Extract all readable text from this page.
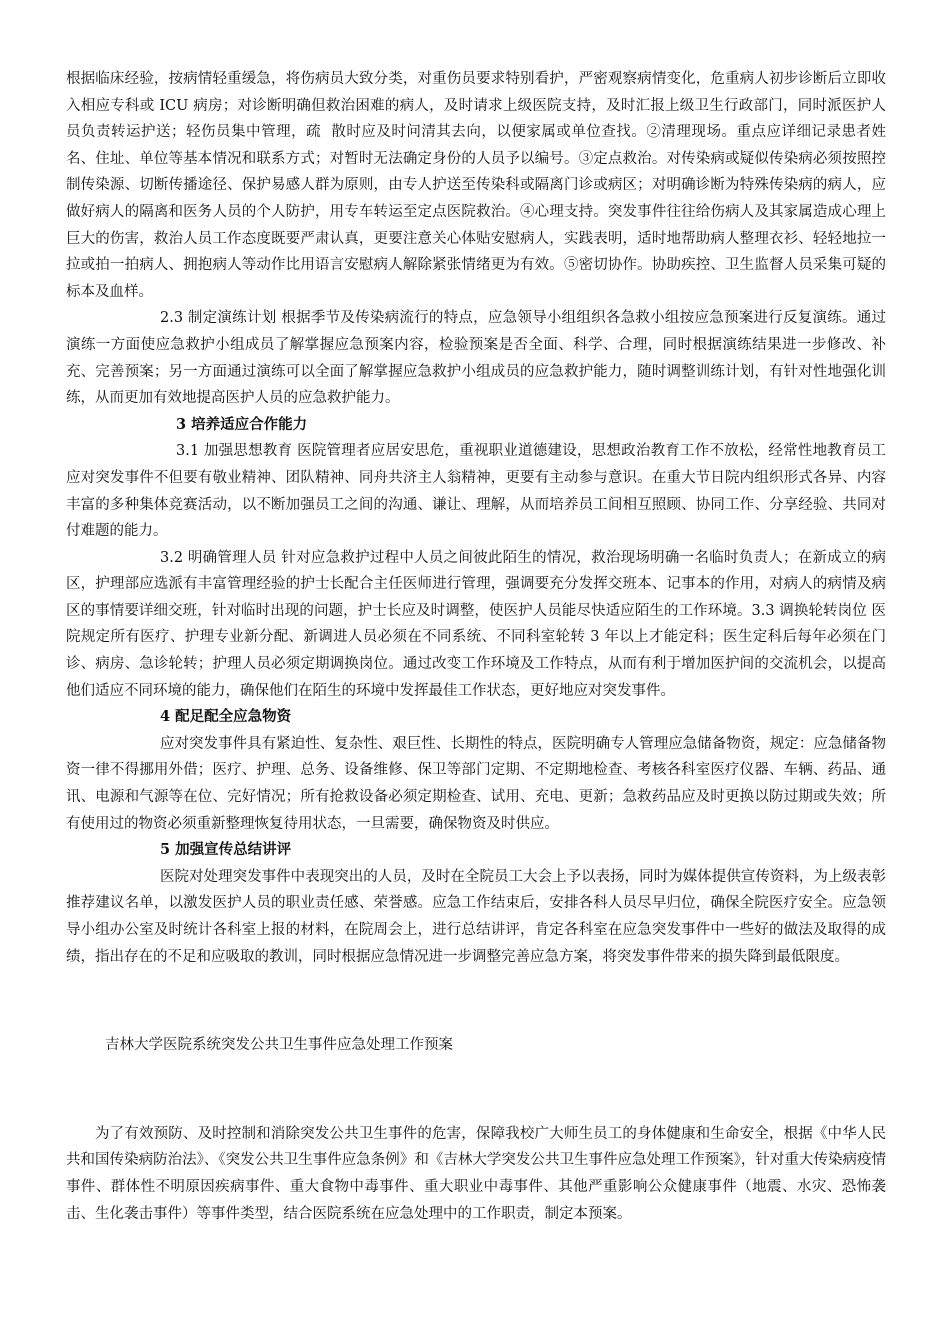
根据临床经验，按病情轻重缓急，将伤病员大致分类，对重伤员要求特别看护，严密观察病情变化，危重病人初步诊断后立即收入相应专科或 ICU 病房；对诊断明确但救治困难的病人，及时请求上级医院支持，及时汇报上级卫生行政部门，同时派医护人员负责转运护送；轻伤员集中管理，疏  散时应及时问清其去向，以便家属或单位查找。②清理现场。重点应详细记录患者姓名、住址、单位等基本情况和联系方式；对暂时无法确定身份的人员予以编号。③定点救治。对传染病或疑似传染病必须按照控制传染源、切断传播途径、保护易感人群为原则，由专人护送至传染科或隔离门诊或病区；对明确诊断为特殊传染病的病人，应做好病人的隔离和医务人员的个人防护，用专车转运至定点医院救治。④心理支持。突发事件往往给伤病人及其家属造成心理上巨大的伤害，救治人员工作态度既要严肃认真，更要注意关心体贴安慰病人，实践表明，适时地帮助病人整理衣衫、轻轻地拉一拉或拍一拍病人、拥抱病人等动作比用语言安慰病人解除紧张情绪更为有效。⑤密切协作。协助疾控、卫生监督人员采集可疑的标本及血样。

2.3 制定演练计划 根据季节及传染病流行的特点，应急领导小组组织各急救小组按应急预案进行反复演练。通过演练一方面使应急救护小组成员了解掌握应急预案内容，检验预案是否全面、科学、合理，同时根据演练结果进一步修改、补充、完善预案；另一方面通过演练可以全面了解掌握应急救护小组成员的应急救护能力，随时调整训练计划，有针对性地强化训练，从而更加有效地提高医护人员的应急救护能力。

3 培养适应合作能力

3.1 加强思想教育 医院管理者应居安思危，重视职业道德建设，思想政治教育工作不放松，经常性地教育员工应对突发事件不但要有敬业精神、团队精神、同舟共济主人翁精神，更要有主动参与意识。在重大节日院内组织形式各异、内容丰富的多种集体竞赛活动，以不断加强员工之间的沟通、谦让、理解，从而培养员工间相互照顾、协同工作、分享经验、共同对付难题的能力。

3.2 明确管理人员 针对应急救护过程中人员之间彼此陌生的情况，救治现场明确一名临时负责人；在新成立的病区，护理部应选派有丰富管理经验的护士长配合主任医师进行管理，强调要充分发挥交班本、记事本的作用，对病人的病情及病区的事情要详细交班，针对临时出现的问题，护士长应及时调整，使医护人员能尽快适应陌生的工作环境。3.3 调换轮转岗位 医院规定所有医疗、护理专业新分配、新调进人员必须在不同系统、不同科室轮转 3 年以上才能定科；医生定科后每年必须在门诊、病房、急诊轮转；护理人员必须定期调换岗位。通过改变工作环境及工作特点，从而有利于增加医护间的交流机会，以提高他们适应不同环境的能力，确保他们在陌生的环境中发挥最佳工作状态，更好地应对突发事件。

4 配足配全应急物资

应对突发事件具有紧迫性、复杂性、艰巨性、长期性的特点，医院明确专人管理应急储备物资，规定：应急储备物资一律不得挪用外借；医疗、护理、总务、设备维修、保卫等部门定期、不定期地检查、考核各科室医疗仪器、车辆、药品、通讯、电源和气源等在位、完好情况；所有抢救设备必须定期检查、试用、充电、更新；急救药品应及时更换以防过期或失效；所有使用过的物资必须重新整理恢复待用状态，一旦需要，确保物资及时供应。

5 加强宣传总结讲评

医院对处理突发事件中表现突出的人员，及时在全院员工大会上予以表扬，同时为媒体提供宣传资料，为上级表彰推荐建议名单，以激发医护人员的职业责任感、荣誉感。应急工作结束后，安排各科人员尽早归位，确保全院医疗安全。应急领导小组办公室及时统计各科室上报的材料，在院周会上，进行总结讲评，肯定各科室在应急突发事件中一些好的做法及取得的成绩，指出存在的不足和应吸取的教训，同时根据应急情况进一步调整完善应急方案，将突发事件带来的损失降到最低限度。

吉林大学医院系统突发公共卫生事件应急处理工作预案

为了有效预防、及时控制和消除突发公共卫生事件的危害，保障我校广大师生员工的身体健康和生命安全，根据《中华人民共和国传染病防治法》、《突发公共卫生事件应急条例》和《吉林大学突发公共卫生事件应急处理工作预案》，针对重大传染病疫情事件、群体性不明原因疾病事件、重大食物中毒事件、重大职业中毒事件、其他严重影响公众健康事件（地震、水灾、恐怖袭击、生化袭击事件）等事件类型，结合医院系统在应急处理中的工作职责，制定本预案。
